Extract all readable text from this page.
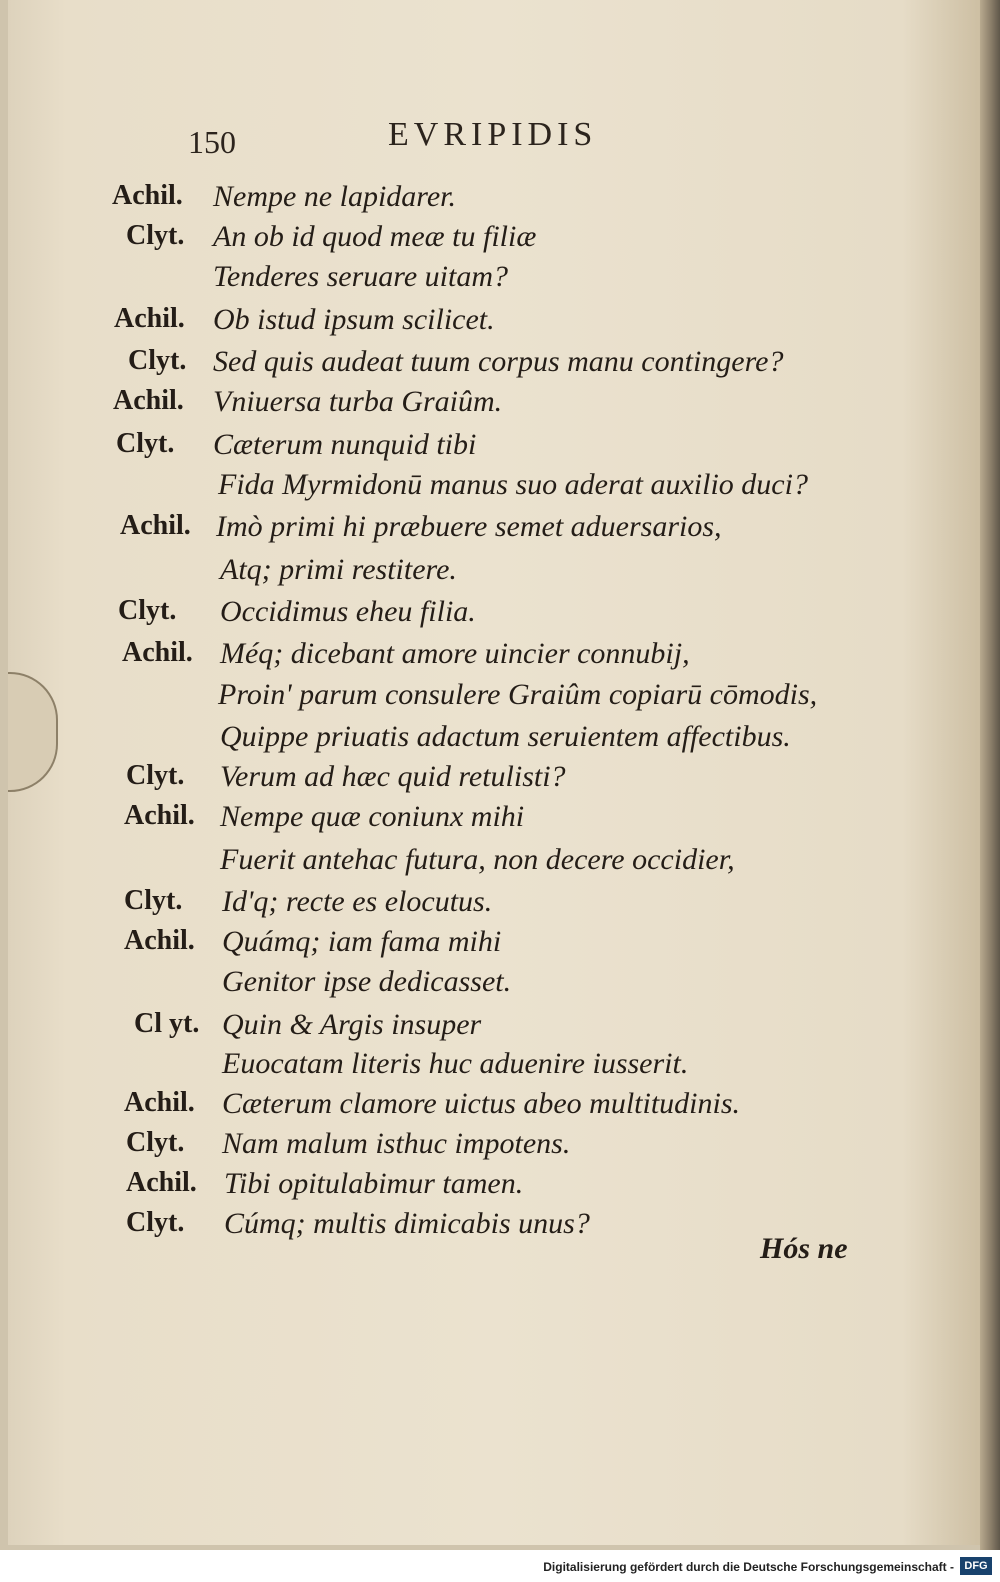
150	EVRIPIDIS
Achil. Nempe ne lapidarer.
Clyt. An ob id quod meæ tu filiæ
Tenderes seruare uitam?
Achil. Ob istud ipsum scilicet.
Clyt. Sed quis audeat tuum corpus manu contingere?
Achil. Vniuersa turba Graiûm.
Clyt. Cæterum nunquid tibi
Fida Myrmidonū manus suo aderat auxilio duci?
Achil. Imò primi hi præbuere semet aduersarios,
Atq; primi restitere.
Clyt. Occidimus eheu filia.
Achil. Méq; dicebant amore uincier connubij,
Proin' parum consulere Graiûm copiarū cōmodis,
Quippe priuatis adactum seruientem affectibus.
Clyt. Verum ad hæc quid retulisti?
Achil. Nempe quæ coniunx mihi
Fuerit antehac futura, non decere occidier,
Clyt. Id'q; recte es elocutus.
Achil. Quámq; iam fama mihi
Genitor ipse dedicasset.
Cl yt. Quin & Argis insuper
Euocatam literis huc aduenire iusserit.
Achil. Cæterum clamore uictus abeo multitudinis.
Clyt. Nam malum isthuc impotens.
Achil. Tibi opitulabimur tamen.
Clyt. Cúmq; multis dimicabis unus?
Hós ne
Digitalisierung gefördert durch die Deutsche Forschungsgemeinschaft - DFG
